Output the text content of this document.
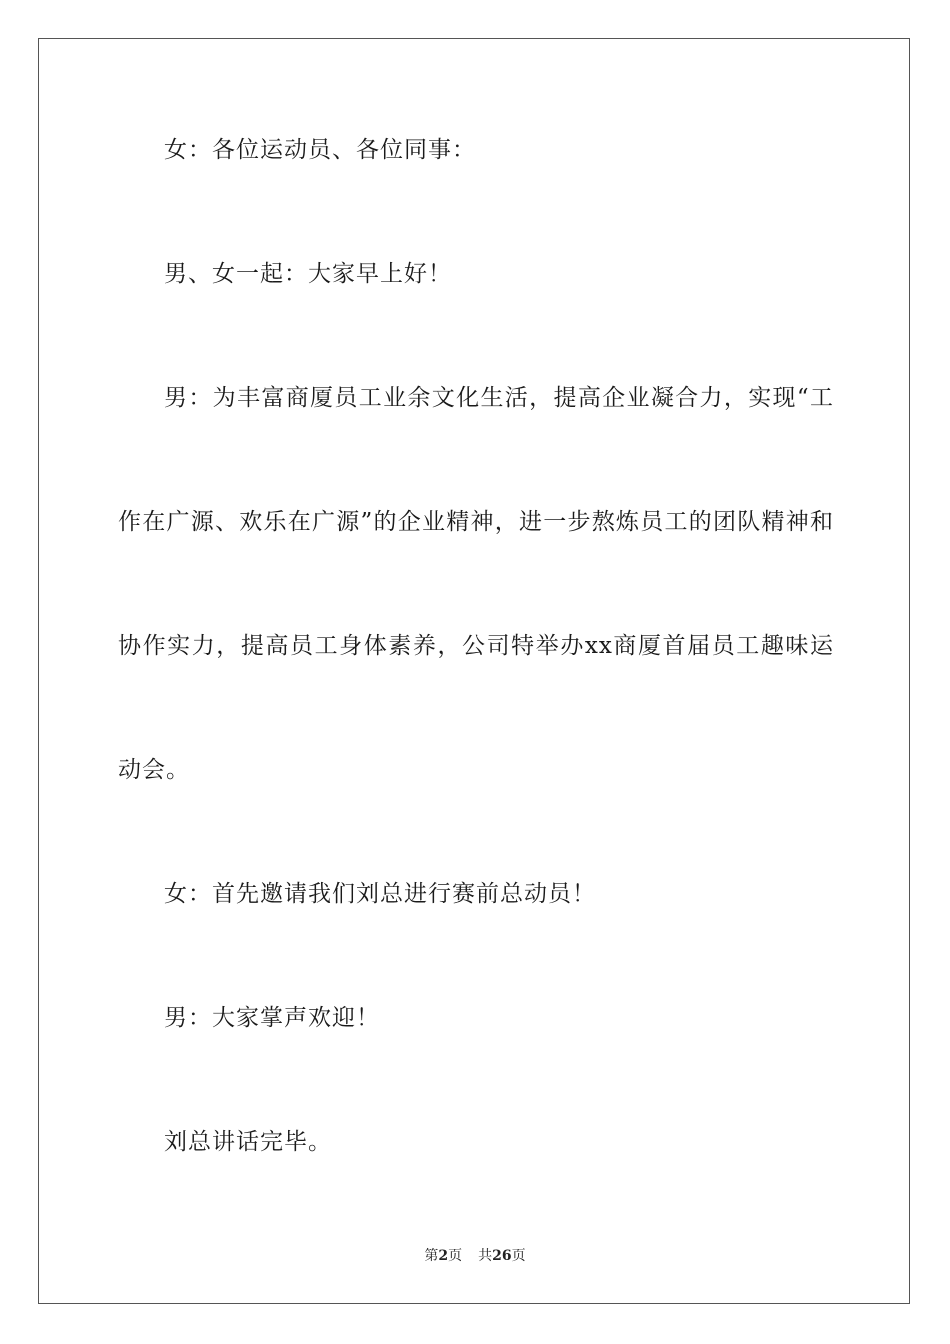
女：各位运动员、各位同事：
男、女一起：大家早上好！
男：为丰富商厦员工业余文化生活，提高企业凝合力，实现“工
作在广源、欢乐在广源”的企业精神，进一步熬炼员工的团队精神和
协作实力，提高员工身体素养，公司特举办xx商厦首届员工趣味运
动会。
女：首先邀请我们刘总进行赛前总动员！
男：大家掌声欢迎！
刘总讲话完毕。
第2页 共26页
